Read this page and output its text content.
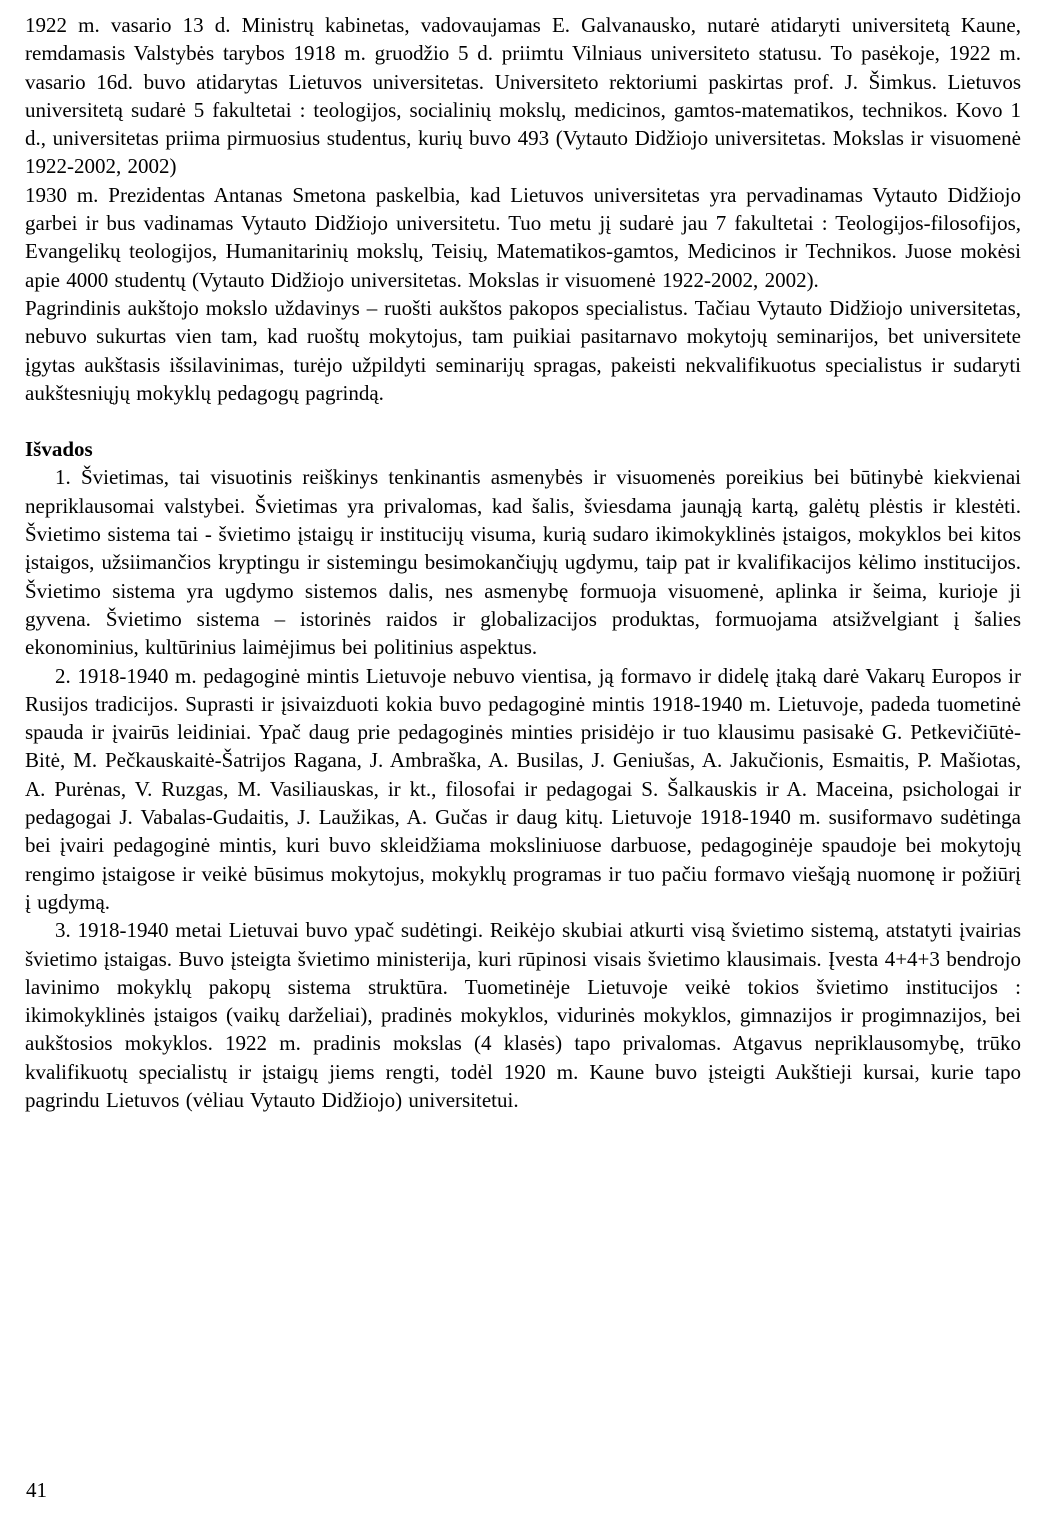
1922 m. vasario 13 d. Ministrų kabinetas, vadovaujamas E. Galvanausko, nutarė atidaryti universitetą Kaune, remdamasis Valstybės tarybos 1918 m. gruodžio 5 d. priimtu Vilniaus universiteto statusu. To pasėkoje, 1922 m. vasario 16d. buvo atidarytas Lietuvos universitetas. Universiteto rektoriumi paskirtas prof. J. Šimkus. Lietuvos universitetą sudarė 5 fakultetai : teologijos, socialinių mokslų, medicinos, gamtos-matematikos, technikos. Kovo 1 d., universitetas priima pirmuosius studentus, kurių buvo 493 (Vytauto Didžiojo universitetas. Mokslas ir visuomenė 1922-2002, 2002)

1930 m. Prezidentas Antanas Smetona paskelbia, kad Lietuvos universitetas yra pervadinamas Vytauto Didžiojo garbei ir bus vadinamas Vytauto Didžiojo universitetu. Tuo metu jį sudarė jau 7 fakultetai : Teologijos-filosofijos, Evangelikų teologijos, Humanitarinių mokslų, Teisių, Matematikos-gamtos, Medicinos ir Technikos. Juose mokėsi apie 4000 studentų (Vytauto Didžiojo universitetas. Mokslas ir visuomenė 1922-2002, 2002).

Pagrindinis aukštojo mokslo uždavinys – ruošti aukštos pakopos specialistus. Tačiau Vytauto Didžiojo universitetas, nebuvo sukurtas vien tam, kad ruoštų mokytojus, tam puikiai pasitarnavo mokytojų seminarijos, bet universitete įgytas aukštasis išsilavinimas, turėjo užpildyti seminarijų spragas, pakeisti nekvalifikuotus specialistus ir sudaryti aukštesniųjų mokyklų pedagogų pagrindą.

Išvados

1. Švietimas, tai visuotinis reiškinys tenkinantis asmenybės ir visuomenės poreikius bei būtinybė kiekvienai nepriklausomai valstybei. Švietimas yra privalomas, kad šalis, šviesdama jaunąją kartą, galėtų plėstis ir klestėti. Švietimo sistema tai - švietimo įstaigų ir institucijų visuma, kurią sudaro ikimokyklinės įstaigos, mokyklos bei kitos įstaigos, užsiimančios kryptingu ir sistemingu besimokančiųjų ugdymu, taip pat ir kvalifikacijos kėlimo institucijos. Švietimo sistema yra ugdymo sistemos dalis, nes asmenybę formuoja visuomenė, aplinka ir šeima, kurioje ji gyvena. Švietimo sistema – istorinės raidos ir globalizacijos produktas, formuojama atsižvelgiant į šalies ekonominius, kultūrinius laimėjimus bei politinius aspektus.

2. 1918-1940 m. pedagoginė mintis Lietuvoje nebuvo vientisa, ją formavo ir didelę įtaką darė Vakarų Europos ir Rusijos tradicijos. Suprasti ir įsivaizduoti kokia buvo pedagoginė mintis 1918-1940 m. Lietuvoje, padeda tuometinė spauda ir įvairūs leidiniai. Ypač daug prie pedagoginės minties prisidėjo ir tuo klausimu pasisakė G. Petkevičiūtė-Bitė, M. Pečkauskaitė-Šatrijos Ragana, J. Ambraška, A. Busilas, J. Geniušas, A. Jakučionis, Esmaitis, P. Mašiotas, A. Purėnas, V. Ruzgas, M. Vasiliauskas, ir kt., filosofai ir pedagogai S. Šalkauskis ir A. Maceina, psichologai ir pedagogai J. Vabalas-Gudaitis, J. Laužikas, A. Gučas ir daug kitų. Lietuvoje 1918-1940 m. susiformavo sudėtinga bei įvairi pedagoginė mintis, kuri buvo skleidžiama moksliniuose darbuose, pedagoginėje spaudoje bei mokytojų rengimo įstaigose ir veikė būsimus mokytojus, mokyklų programas ir tuo pačiu formavo viešąją nuomonę ir požiūrį į ugdymą.

3. 1918-1940 metai Lietuvai buvo ypač sudėtingi. Reikėjo skubiai atkurti visą švietimo sistemą, atstatyti įvairias švietimo įstaigas. Buvo įsteigta švietimo ministerija, kuri rūpinosi visais švietimo klausimais. Įvesta 4+4+3 bendrojo lavinimo mokyklų pakopų sistema struktūra. Tuometinėje Lietuvoje veikė tokios švietimo institucijos : ikimokyklinės įstaigos (vaikų darželiai), pradinės mokyklos, vidurinės mokyklos, gimnazijos ir progimnazijos, bei aukštosios mokyklos. 1922 m. pradinis mokslas (4 klasės) tapo privalomas. Atgavus nepriklausomybę, trūko kvalifikuotų specialistų ir įstaigų jiems rengti, todėl 1920 m. Kaune buvo įsteigti Aukštieji kursai, kurie tapo pagrindu Lietuvos (vėliau Vytauto Didžiojo) universitetui.

41
